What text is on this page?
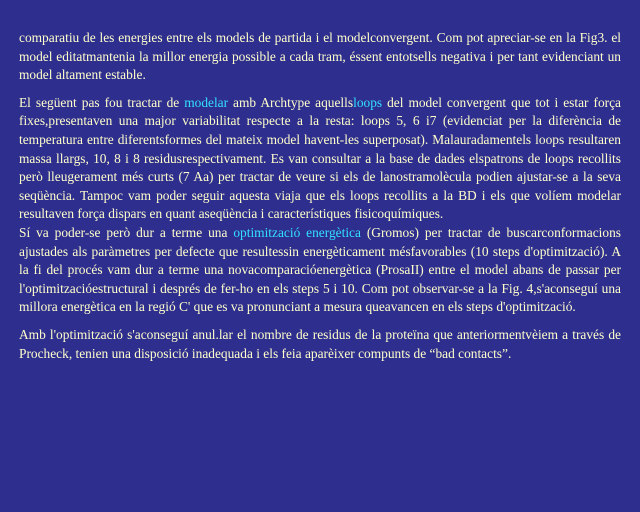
comparatiu de les energies entre els models de partida i el modelconvergent. Com pot apreciar-se en la Fig3. el model editatmantenia la millor energia possible a cada tram, éssent entotsells negativa i per tant evidenciant un model altament estable.

El següent pas fou tractar de modelar amb Archtype aquellsloops del model convergent que tot i estar força fixes,presentaven una major variabilitat respecte a la resta: loops 5, 6 i7 (evidenciat per la diferència de temperatura entre diferentsformes del mateix model havent-les superposat). Malauradamentels loops resultaren massa llargs, 10, 8 i 8 residusrespectivament. Es van consultar a la base de dades elspatrons de loops recollits però lleugerament més curts (7 Aa) per tractar de veure si els de lanostramolècula podien ajustar-se a la seva seqüència. Tampoc vam poder seguir aquesta viaja que els loops recollits a la BD i els que volíem modelar resultaven força dispars en quant aseqüència i característiques fisicoquímiques.

Sí va poder-se però dur a terme una optimització energètica (Gromos) per tractar de buscarconformacions ajustades als paràmetres per defecte que resultessin energèticament mésfavorables (10 steps d'optimització). A la fi del procés vam dur a terme una novacomparacióenergètica (ProsaII) entre el model abans de passar per l'optimitzacióestructural i després de fer-ho en els steps 5 i 10. Com pot observar-se a la Fig. 4,s'aconseguí una millora energètica en la regió C' que es va pronunciant a mesura queavancen en els steps d'optimització.

Amb l'optimització s'aconseguí anul.lar el nombre de residus de la proteïna que anteriormentvèiem a través de Procheck, tenien una disposició inadequada i els feia aparèixer compunts de “bad contacts”.
